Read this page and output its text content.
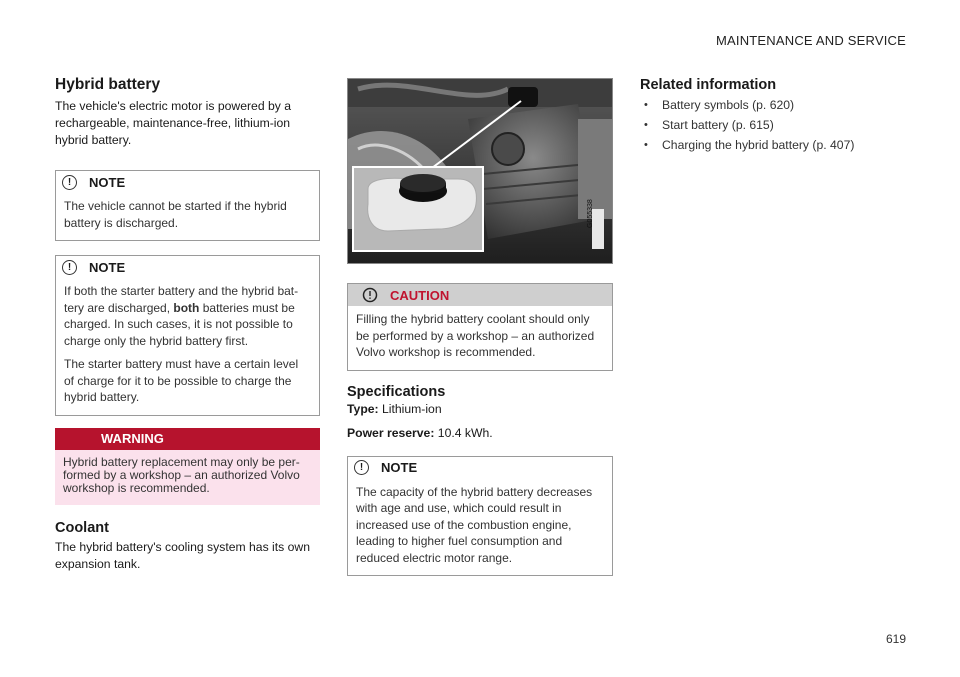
MAINTENANCE AND SERVICE
Hybrid battery

The vehicle's electric motor is powered by a rechargeable, maintenance-free, lithium-ion hybrid battery.

!	NOTE
The vehicle cannot be started if the hybrid battery is discharged.
!	NOTE

If both the starter battery and the hybrid bat-tery are discharged, both batteries must be charged. In such cases, it is not possible to charge only the hybrid battery first.

The starter battery must have a certain level of charge for it to be possible to charge the hybrid battery.

WARNING
Hybrid battery replacement may only be per-formed by a workshop – an authorized Volvo workshop is recommended.
Coolant

The hybrid battery's cooling system has its own expansion tank.

G055338
CAUTION
Filling the hybrid battery coolant should only be performed by a workshop – an authorized Volvo workshop is recommended.
Specifications

Type: Lithium-ion

Power reserve: 10.4 kWh.

!	NOTE
The capacity of the hybrid battery decreases with age and use, which could result in increased use of the combustion engine, leading to higher fuel consumption and reduced electric motor range.
Related information
• Battery symbols (p. 620)
• Start battery (p. 615)
• Charging the hybrid battery (p. 407)
619
